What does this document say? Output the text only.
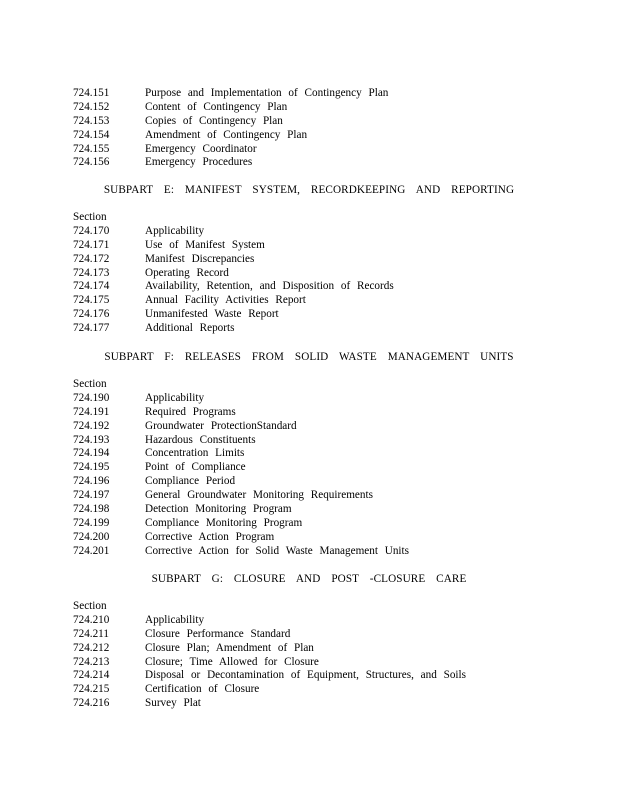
724.151	Purpose and Implementation of Contingency Plan
724.152	Content of Contingency Plan
724.153	Copies of Contingency Plan
724.154	Amendment of Contingency Plan
724.155	Emergency Coordinator
724.156	Emergency Procedures
SUBPART E: MANIFEST SYSTEM, RECORDKEEPING AND REPORTING
Section
724.170	Applicability
724.171	Use of Manifest System
724.172	Manifest Discrepancies
724.173	Operating Record
724.174	Availability, Retention, and Disposition of Records
724.175	Annual Facility Activities Report
724.176	Unmanifested Waste Report
724.177	Additional Reports
SUBPART F: RELEASES FROM SOLID WASTE MANAGEMENT UNITS
Section
724.190	Applicability
724.191	Required Programs
724.192	Groundwater ProtectionStandard
724.193	Hazardous Constituents
724.194	Concentration Limits
724.195	Point of Compliance
724.196	Compliance Period
724.197	General Groundwater Monitoring Requirements
724.198	Detection Monitoring Program
724.199	Compliance Monitoring Program
724.200	Corrective Action Program
724.201	Corrective Action for Solid Waste Management Units
SUBPART G: CLOSURE AND POST -CLOSURE CARE
Section
724.210	Applicability
724.211	Closure Performance Standard
724.212	Closure Plan; Amendment of Plan
724.213	Closure; Time Allowed for Closure
724.214	Disposal or Decontamination of Equipment, Structures, and Soils
724.215	Certification of Closure
724.216	Survey Plat
